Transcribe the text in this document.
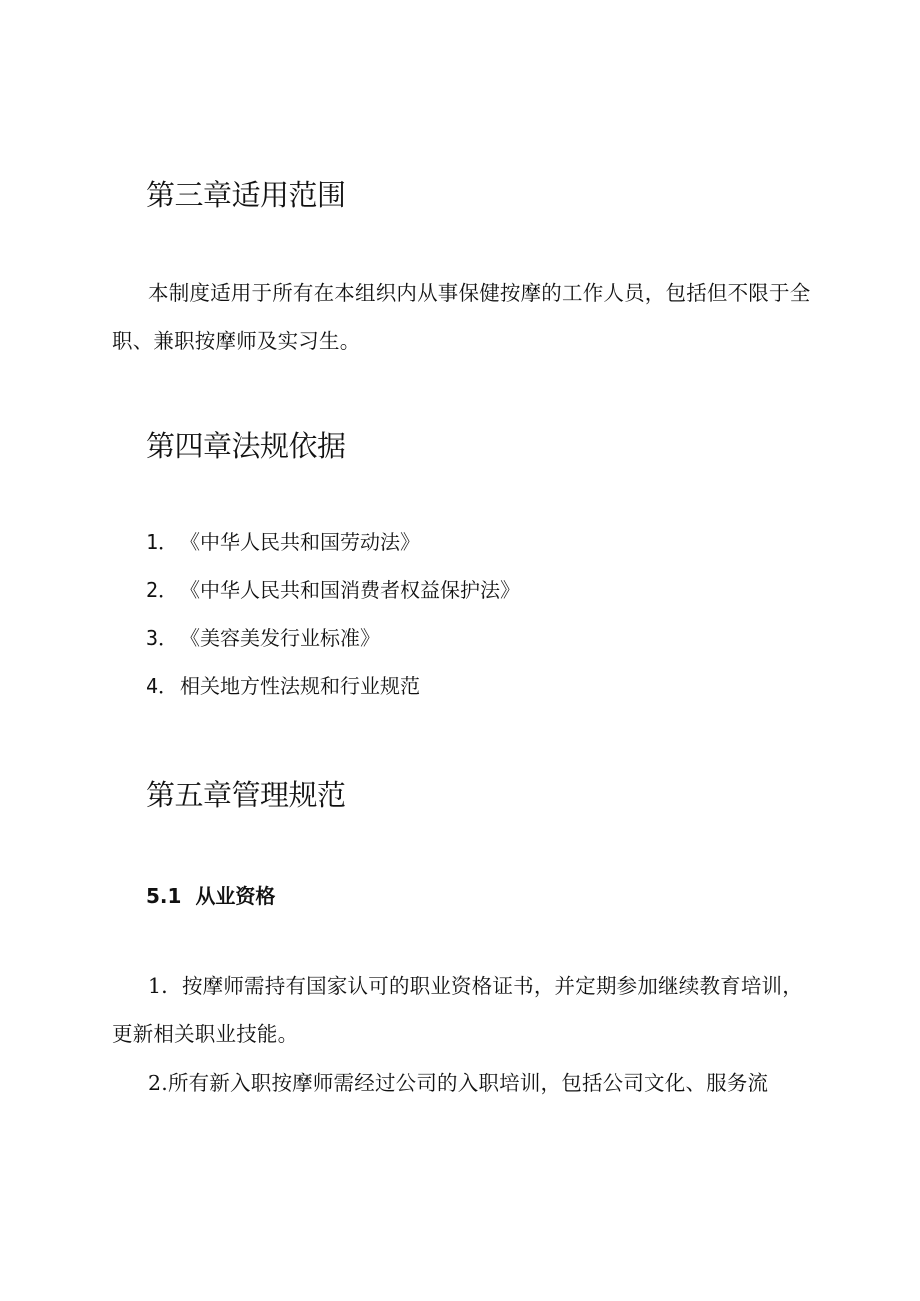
第三章适用范围

本制度适用于所有在本组织内从事保健按摩的工作人员，包括但不限于全职、兼职按摩师及实习生。

第四章法规依据

1．《中华人民共和国劳动法》

2．《中华人民共和国消费者权益保护法》

3．《美容美发行业标准》

4．相关地方性法规和行业规范

第五章管理规范
5.1 从业资格

1．按摩师需持有国家认可的职业资格证书，并定期参加继续教育培训，更新相关职业技能。

2.所有新入职按摩师需经过公司的入职培训，包括公司文化、服务流
